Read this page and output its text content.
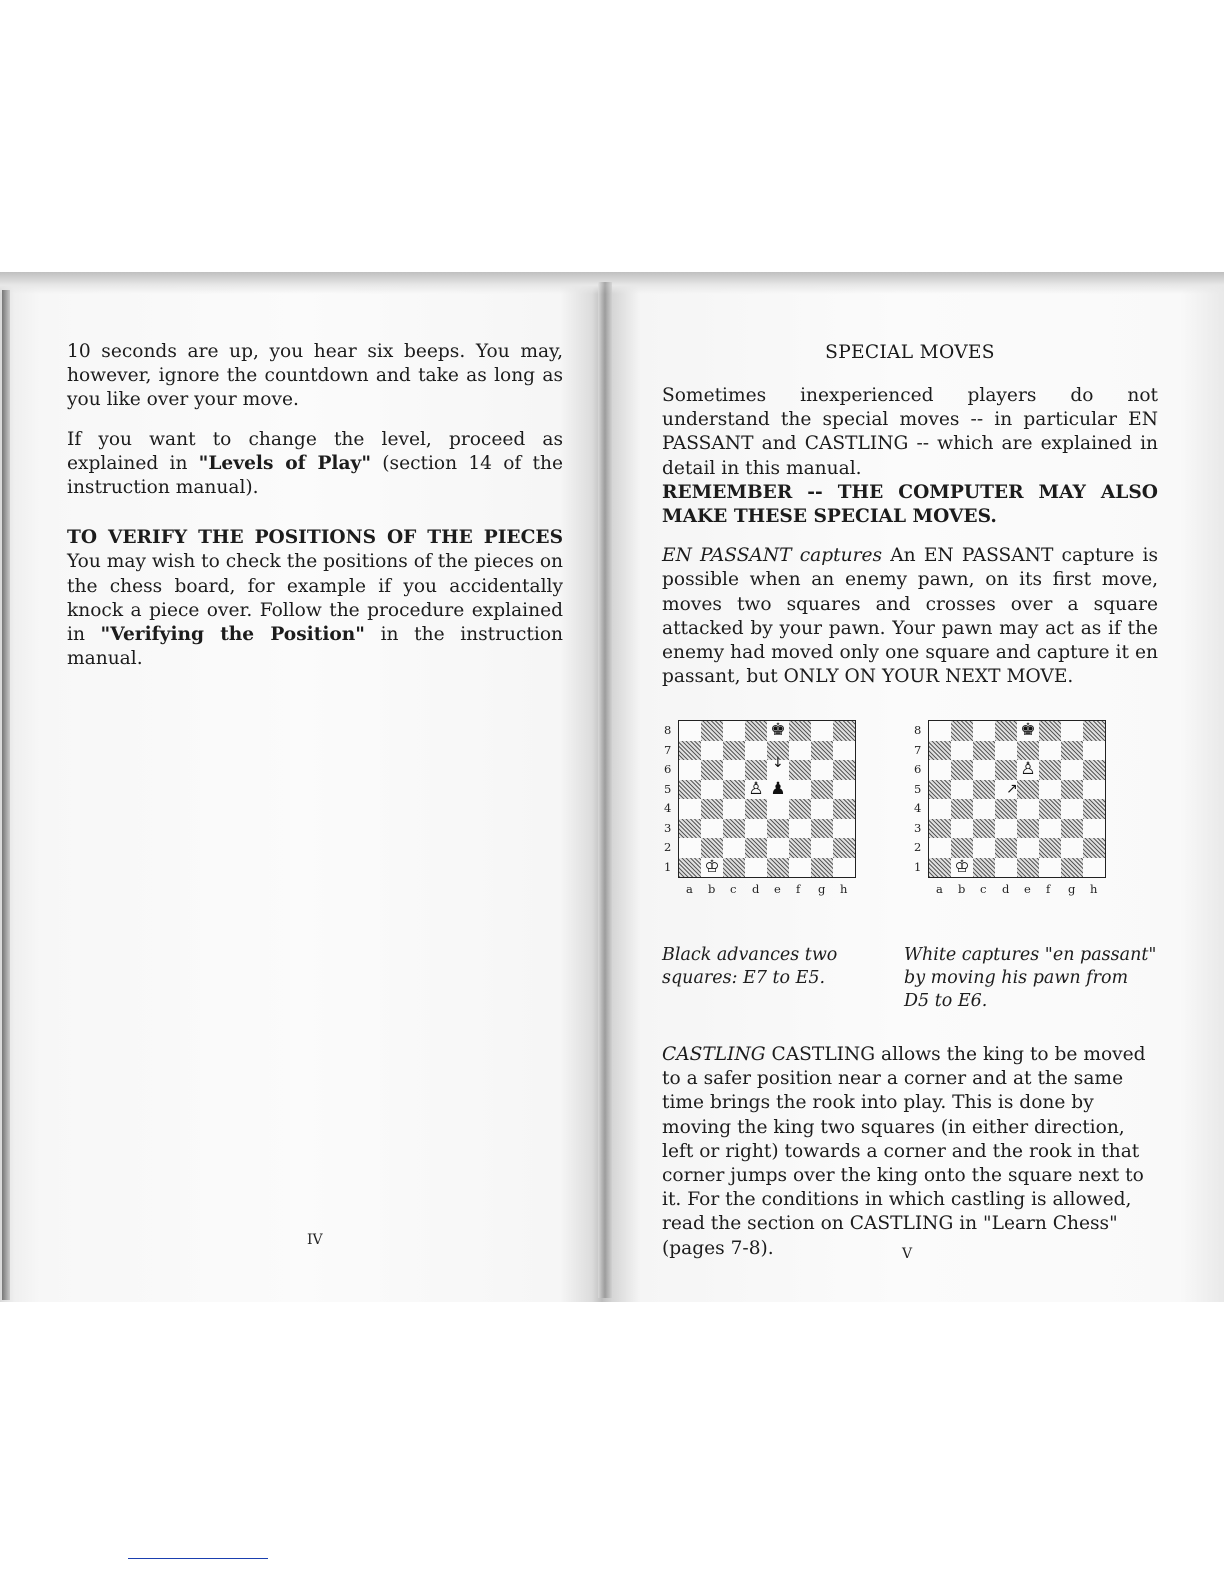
10 seconds are up, you hear six beeps. You may, however, ignore the countdown and take as long as you like over your move.

If you want to change the level, proceed as explained in "Levels of Play" (section 14 of the instruction manual).

TO VERIFY THE POSITIONS OF THE PIECES You may wish to check the positions of the pieces on the chess board, for example if you accidentally knock a piece over. Follow the procedure explained in "Verifying the Position" in the instruction manual.

IV
SPECIAL MOVES

Sometimes inexperienced players do not understand the special moves -- in particular EN PASSANT and CASTLING -- which are explained in detail in this manual.

REMEMBER -- THE COMPUTER MAY ALSO MAKE THESE SPECIAL MOVES.

EN PASSANT captures An EN PASSANT capture is possible when an enemy pawn, on its first move, moves two squares and crosses over a square attacked by your pawn. Your pawn may act as if the enemy had moved only one square and capture it en passant, but ONLY ON YOUR NEXT MOVE.

♚
♙ ♟
♔
8
7
6
5
4
3
2
1
a b c d e f g h
↓
♚
♙
♔
8
7
6
5
4
3
2
1
a b c d e f g h
↗
Black advances two
squares: E7 to E5.
White captures "en passant"
by moving his pawn from
D5 to E6.

CASTLING CASTLING allows the king to be moved to a safer position near a corner and at the same time brings the rook into play. This is done by moving the king two squares (in either direction, left or right) towards a corner and the rook in that corner jumps over the king onto the square next to it. For the conditions in which castling is allowed, read the section on CASTLING in "Learn Chess" (pages 7-8).	V
